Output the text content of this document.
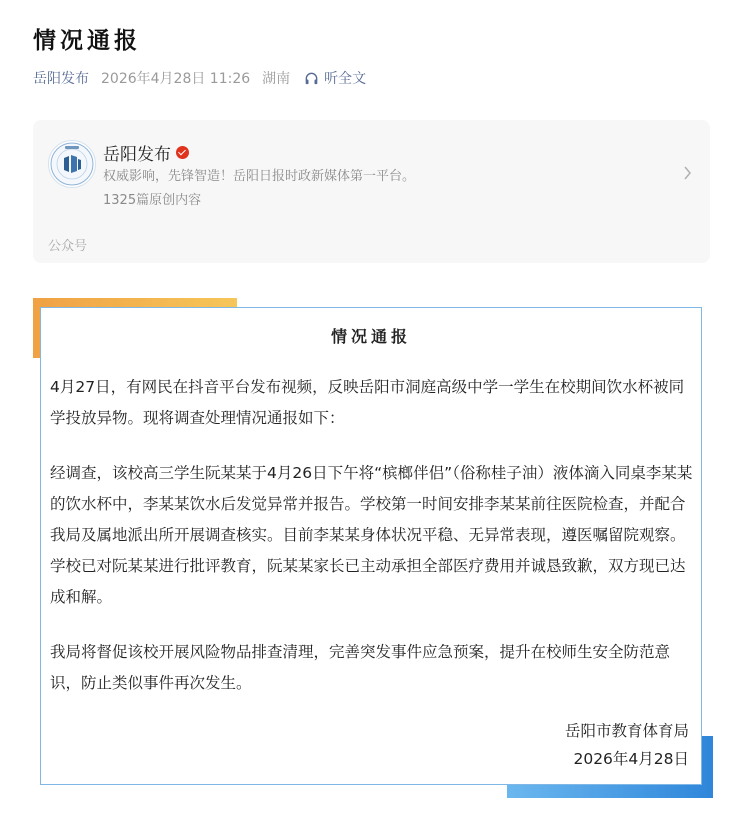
情况通报
岳阳发布 2026年4月28日 11:26 湖南 听全文
岳阳发布
权威影响，先锋智造！岳阳日报时政新媒体第一平台。
1325篇原创内容
公众号
情况通报

4月27日，有网民在抖音平台发布视频，反映岳阳市洞庭高级中学一学生在校期间饮水杯被同学投放异物。现将调查处理情况通报如下：

经调查，该校高三学生阮某某于4月26日下午将“槟榔伴侣”（俗称桂子油）液体滴入同桌李某某的饮水杯中，李某某饮水后发觉异常并报告。学校第一时间安排李某某前往医院检查，并配合我局及属地派出所开展调查核实。目前李某某身体状况平稳、无异常表现，遵医嘱留院观察。学校已对阮某某进行批评教育，阮某某家长已主动承担全部医疗费用并诚恳致歉，双方现已达成和解。

我局将督促该校开展风险物品排查清理，完善突发事件应急预案，提升在校师生安全防范意识，防止类似事件再次发生。

岳阳市教育体育局
2026年4月28日
